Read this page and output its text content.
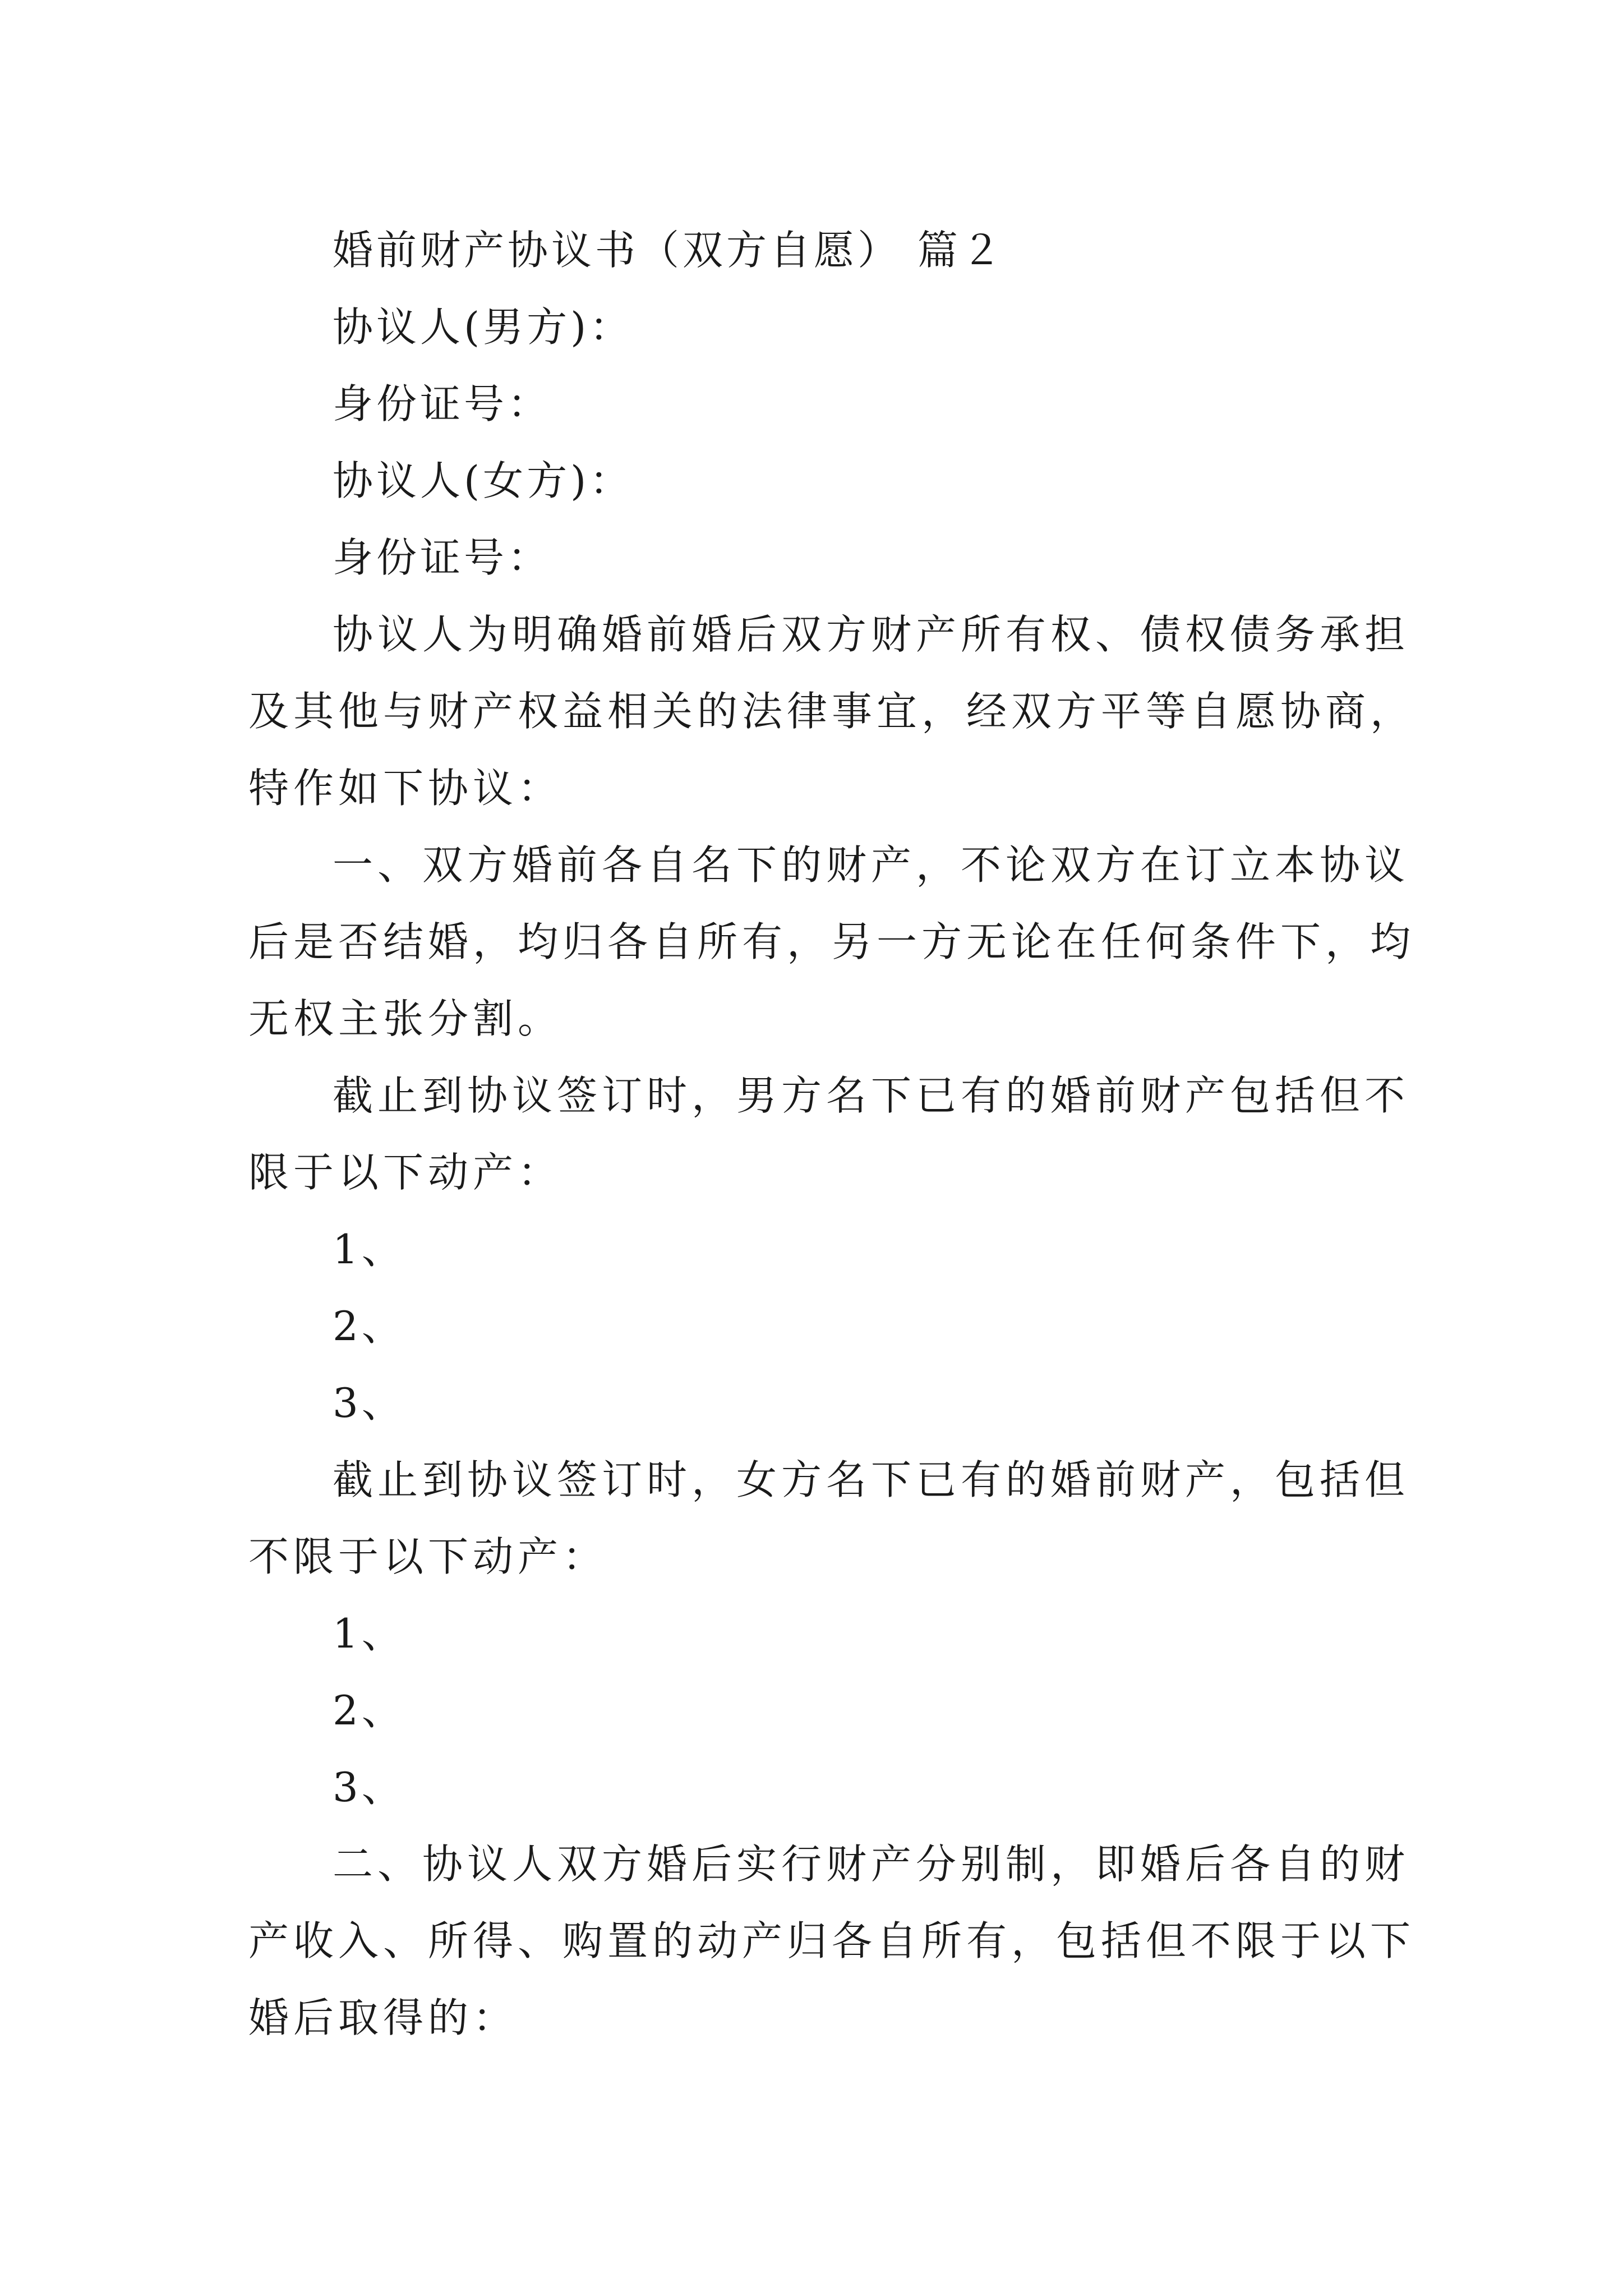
婚前财产协议书（双方自愿） 篇２
协议人(男方)：
身份证号：
协议人(女方)：
身份证号：
协议人为明确婚前婚后双方财产所有权、债权债务承担
及其他与财产权益相关的法律事宜，经双方平等自愿协商，
特作如下协议：
一、双方婚前各自名下的财产，不论双方在订立本协议
后是否结婚，均归各自所有，另一方无论在任何条件下，均
无权主张分割。
截止到协议签订时，男方名下已有的婚前财产包括但不
限于以下动产：
1、
2、
3、
截止到协议签订时，女方名下已有的婚前财产，包括但
不限于以下动产：
1、
2、
3、
二、协议人双方婚后实行财产分别制，即婚后各自的财
产收入、所得、购置的动产归各自所有，包括但不限于以下
婚后取得的：
